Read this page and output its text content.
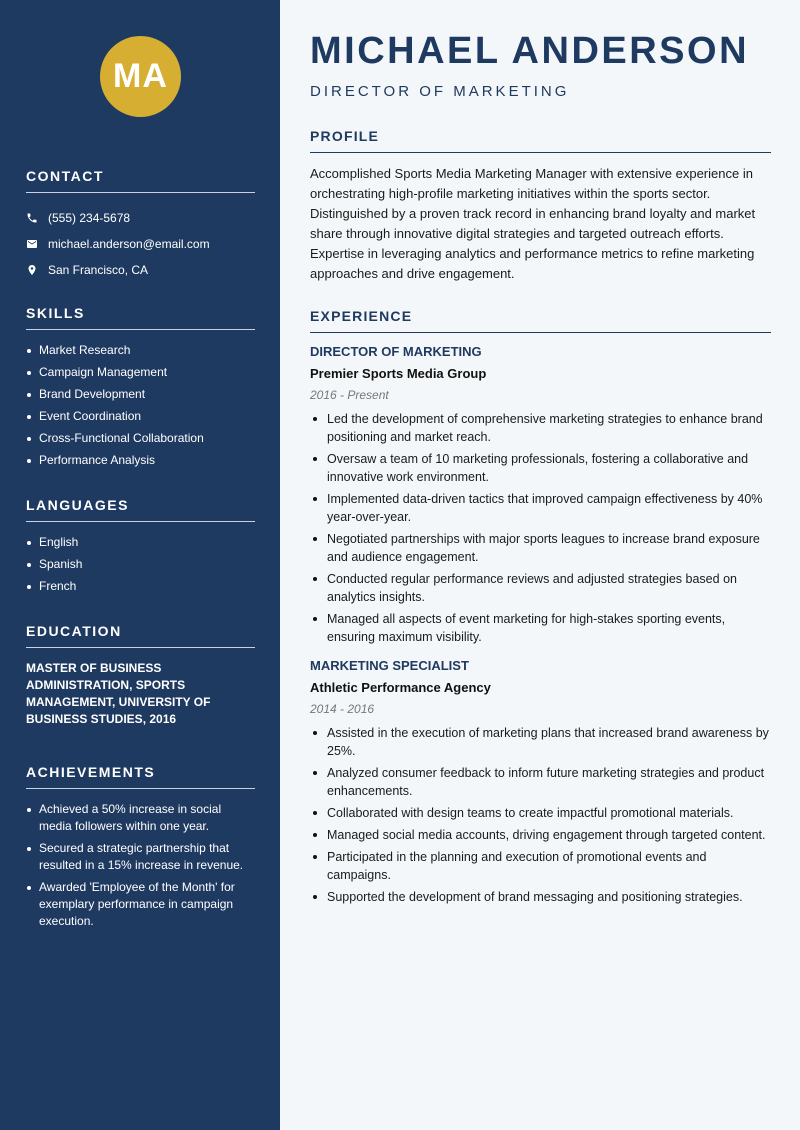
MA
CONTACT
(555) 234-5678
michael.anderson@email.com
San Francisco, CA
SKILLS
Market Research
Campaign Management
Brand Development
Event Coordination
Cross-Functional Collaboration
Performance Analysis
LANGUAGES
English
Spanish
French
EDUCATION
MASTER OF BUSINESS ADMINISTRATION, SPORTS MANAGEMENT, UNIVERSITY OF BUSINESS STUDIES, 2016
ACHIEVEMENTS
Achieved a 50% increase in social media followers within one year.
Secured a strategic partnership that resulted in a 15% increase in revenue.
Awarded 'Employee of the Month' for exemplary performance in campaign execution.
MICHAEL ANDERSON
DIRECTOR OF MARKETING
PROFILE

Accomplished Sports Media Marketing Manager with extensive experience in orchestrating high-profile marketing initiatives within the sports sector. Distinguished by a proven track record in enhancing brand loyalty and market share through innovative digital strategies and targeted outreach efforts. Expertise in leveraging analytics and performance metrics to refine marketing approaches and drive engagement.

EXPERIENCE
DIRECTOR OF MARKETING
Premier Sports Media Group
2016 - Present
Led the development of comprehensive marketing strategies to enhance brand positioning and market reach.
Oversaw a team of 10 marketing professionals, fostering a collaborative and innovative work environment.
Implemented data-driven tactics that improved campaign effectiveness by 40% year-over-year.
Negotiated partnerships with major sports leagues to increase brand exposure and audience engagement.
Conducted regular performance reviews and adjusted strategies based on analytics insights.
Managed all aspects of event marketing for high-stakes sporting events, ensuring maximum visibility.
MARKETING SPECIALIST
Athletic Performance Agency
2014 - 2016
Assisted in the execution of marketing plans that increased brand awareness by 25%.
Analyzed consumer feedback to inform future marketing strategies and product enhancements.
Collaborated with design teams to create impactful promotional materials.
Managed social media accounts, driving engagement through targeted content.
Participated in the planning and execution of promotional events and campaigns.
Supported the development of brand messaging and positioning strategies.
